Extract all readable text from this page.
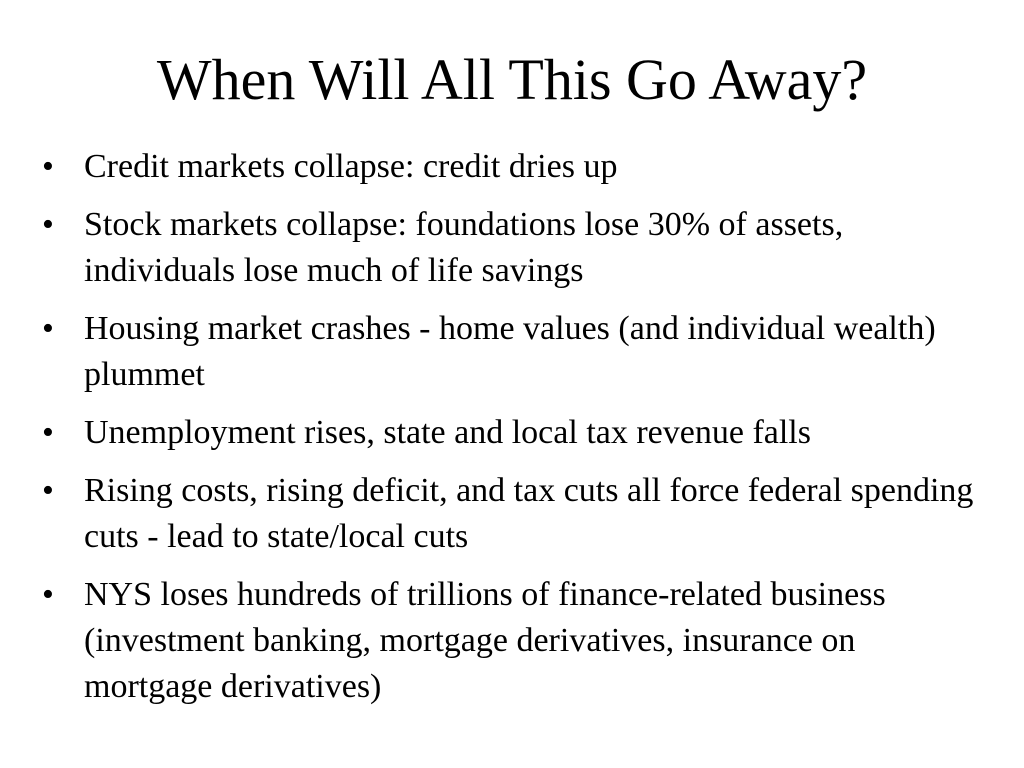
When Will All This Go Away?
• Credit markets collapse: credit dries up
• Stock markets collapse: foundations lose 30% of assets, individuals lose much of life savings
• Housing market crashes - home values (and individual wealth) plummet
• Unemployment rises, state and local tax revenue falls
• Rising costs, rising deficit, and tax cuts all force federal spending cuts - lead to state/local cuts
• NYS loses hundreds of trillions of finance-related business (investment banking, mortgage derivatives, insurance on mortgage derivatives)
